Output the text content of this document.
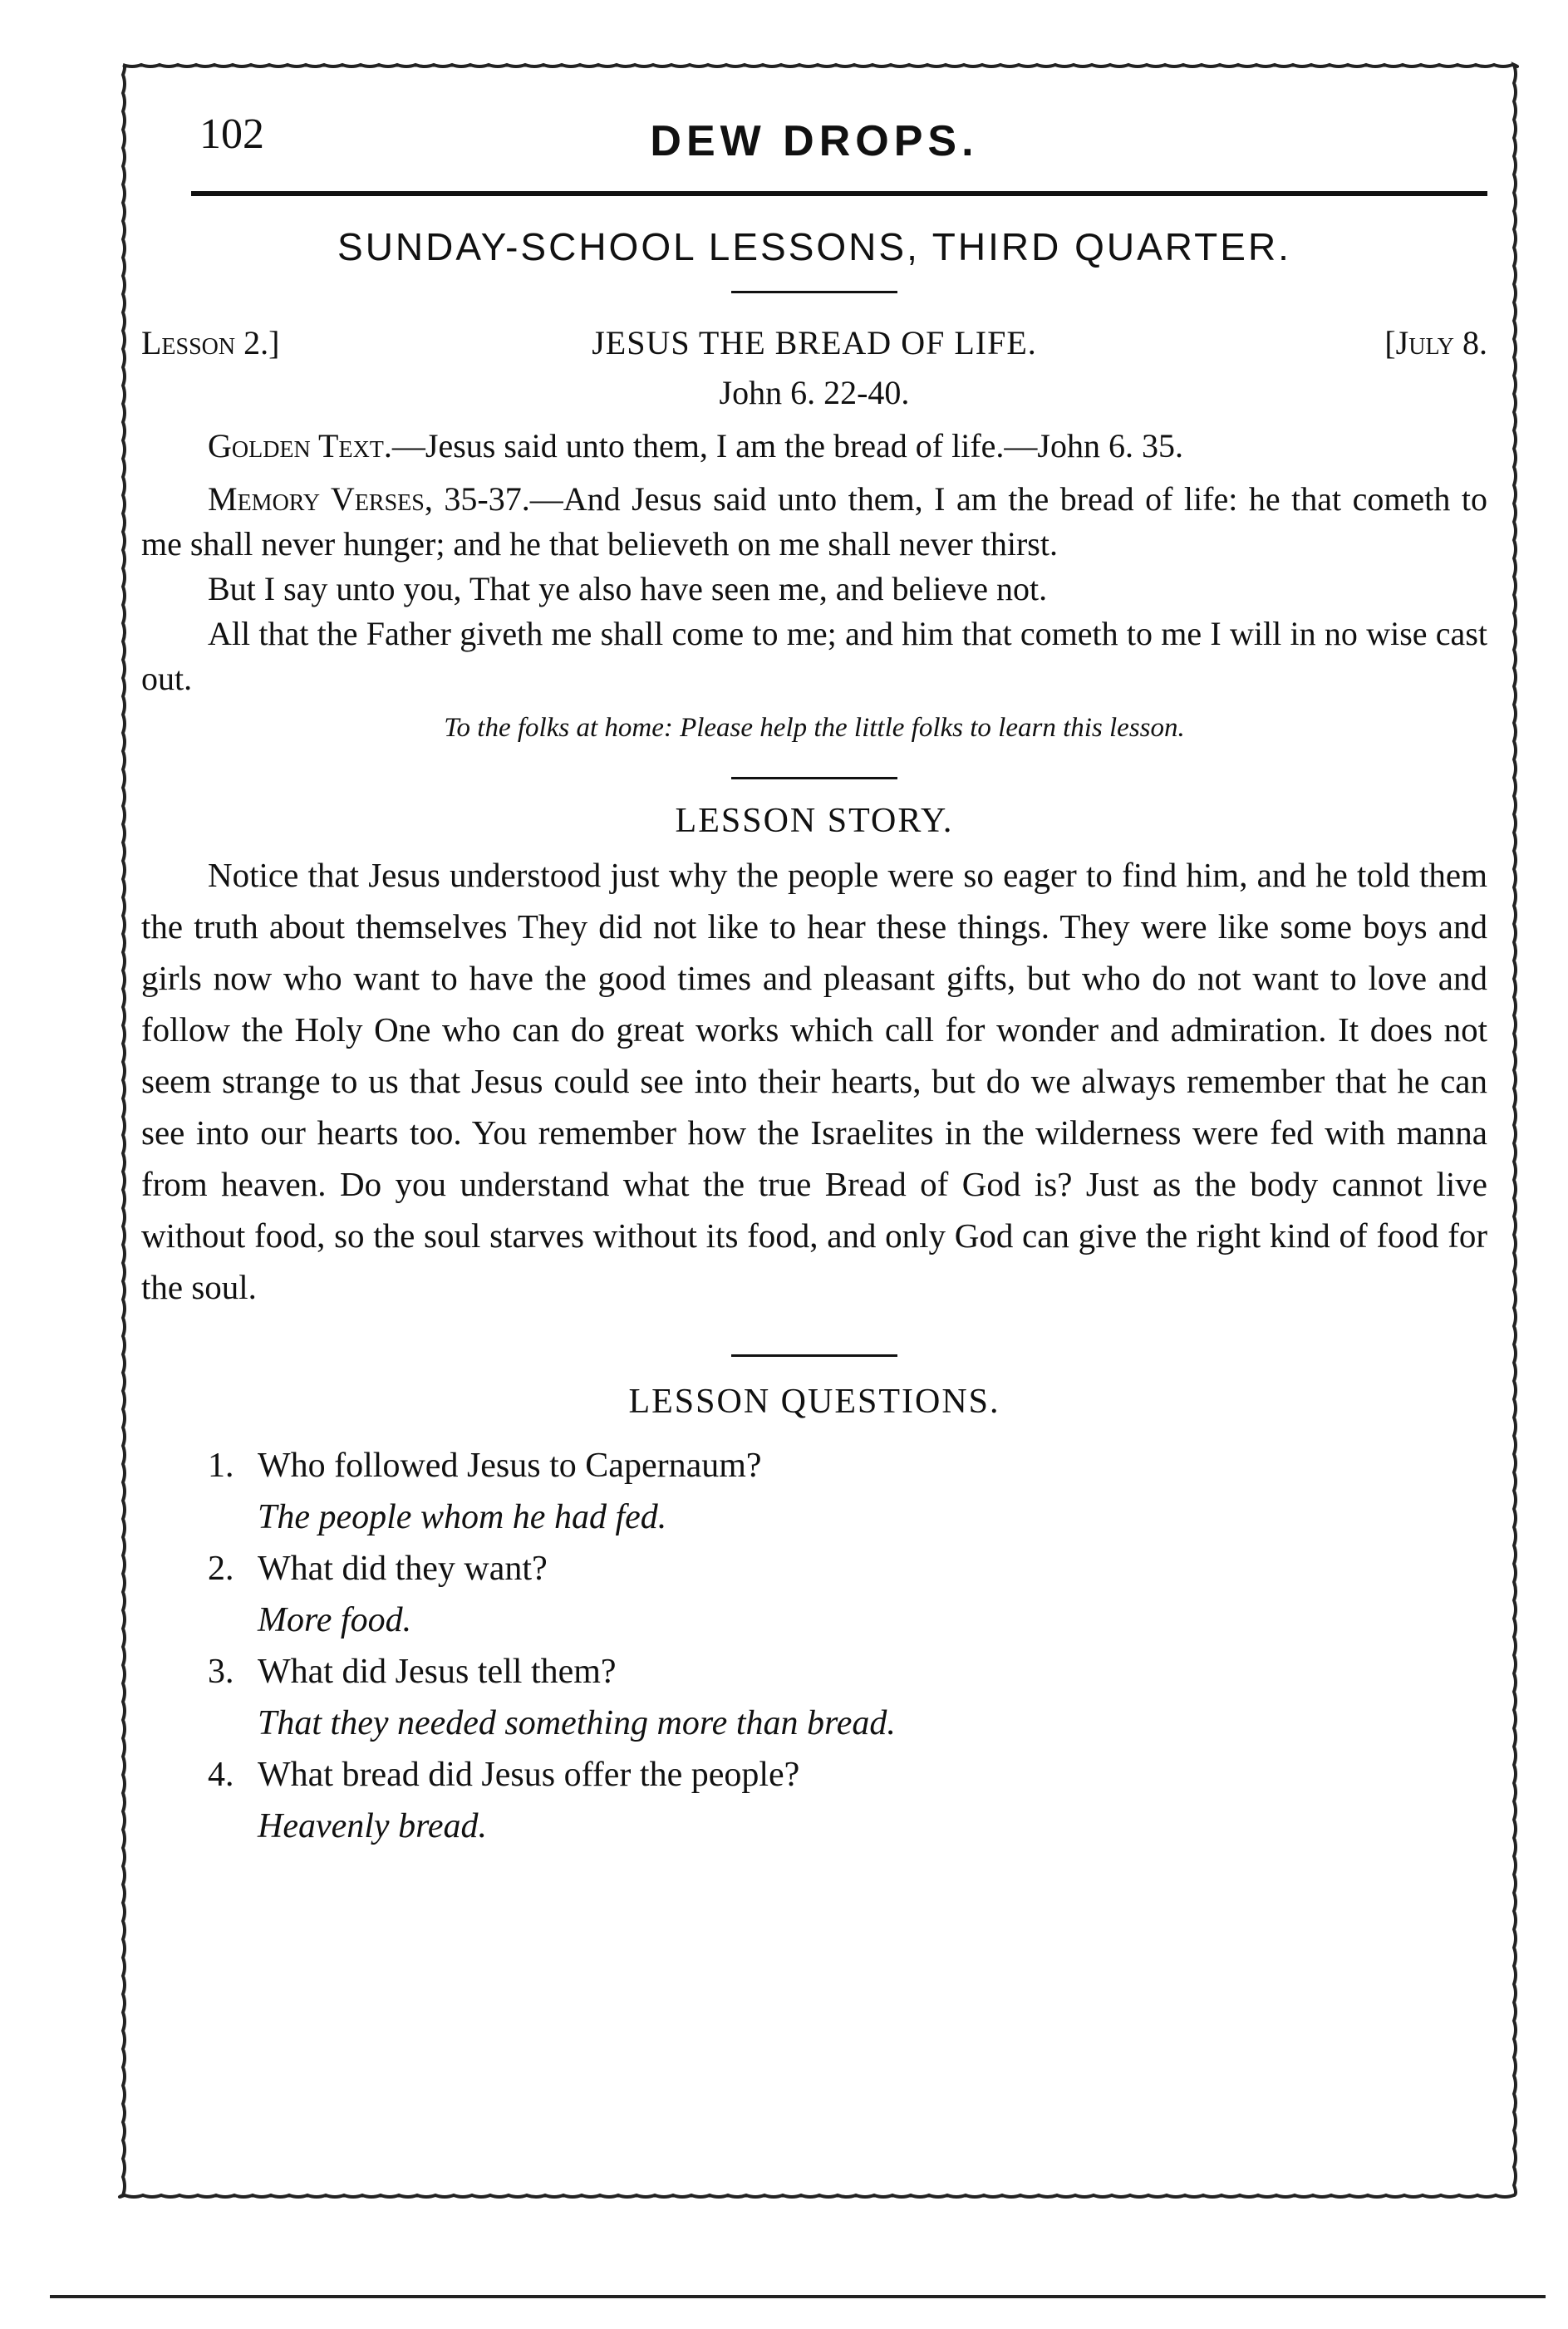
102	DEW DROPS.
SUNDAY-SCHOOL LESSONS, THIRD QUARTER.
Lesson 2.]	JESUS THE BREAD OF LIFE.	[July 8.
John 6. 22-40.

Golden Text.—Jesus said unto them, I am the bread of life.—John 6. 35.

Memory Verses, 35-37.—And Jesus said unto them, I am the bread of life: he that cometh to me shall never hunger; and he that believeth on me shall never thirst.

But I say unto you, That ye also have seen me, and believe not.

All that the Father giveth me shall come to me; and him that cometh to me I will in no wise cast out.

To the folks at home: Please help the little folks to learn this lesson.
LESSON STORY.

Notice that Jesus understood just why the people were so eager to find him, and he told them the truth about themselves They did not like to hear these things. They were like some boys and girls now who want to have the good times and pleasant gifts, but who do not want to love and follow the Holy One who can do great works which call for wonder and admiration. It does not seem strange to us that Jesus could see into their hearts, but do we always remember that he can see into our hearts too. You remember how the Israelites in the wilderness were fed with manna from heaven. Do you understand what the true Bread of God is? Just as the body cannot live without food, so the soul starves without its food, and only God can give the right kind of food for the soul.

LESSON QUESTIONS.
1. Who followed Jesus to Capernaum?
The people whom he had fed.
2. What did they want?
More food.
3. What did Jesus tell them?
That they needed something more than bread.
4. What bread did Jesus offer the people?
Heavenly bread.
